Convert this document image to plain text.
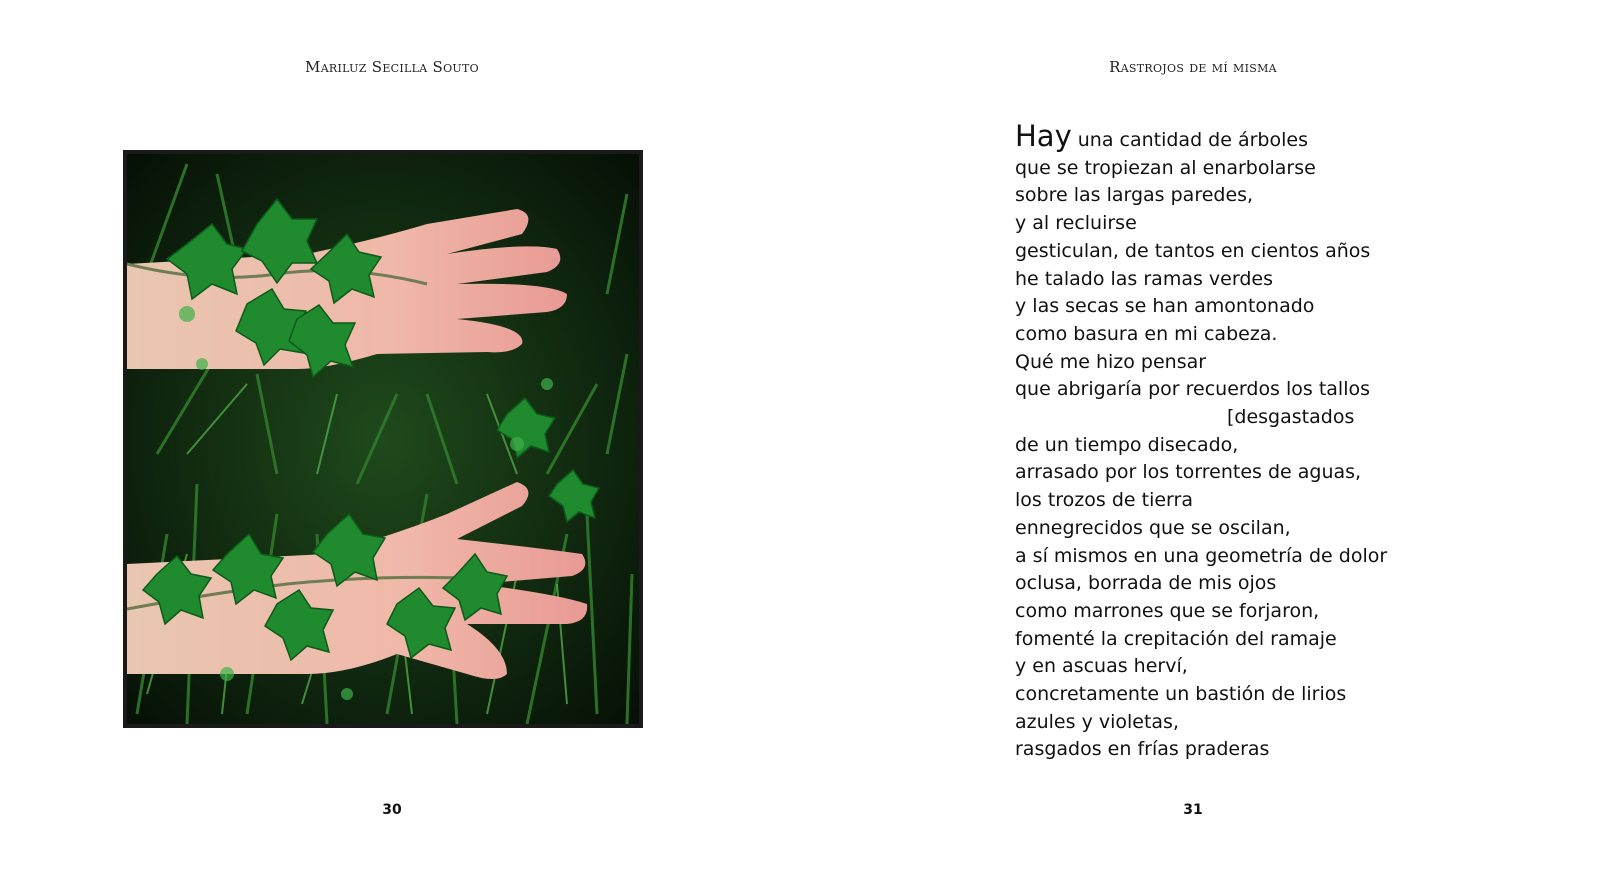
Mariluz Secilla Souto
30
Rastrojos de mí misma
Hay una cantidad de árboles
que se tropiezan al enarbolarse
sobre las largas paredes,
y al recluirse
gesticulan, de tantos en cientos años
he talado las ramas verdes
y las secas se han amontonado
como basura en mi cabeza.
Qué me hizo pensar
que abrigaría por recuerdos los tallos
[desgastados
de un tiempo disecado,
arrasado por los torrentes de aguas,
los trozos de tierra
ennegrecidos que se oscilan,
a sí mismos en una geometría de dolor
oclusa, borrada de mis ojos
como marrones que se forjaron,
fomenté la crepitación del ramaje
y en ascuas herví,
concretamente un bastión de lirios
azules y violetas,
rasgados en frías praderas
31
